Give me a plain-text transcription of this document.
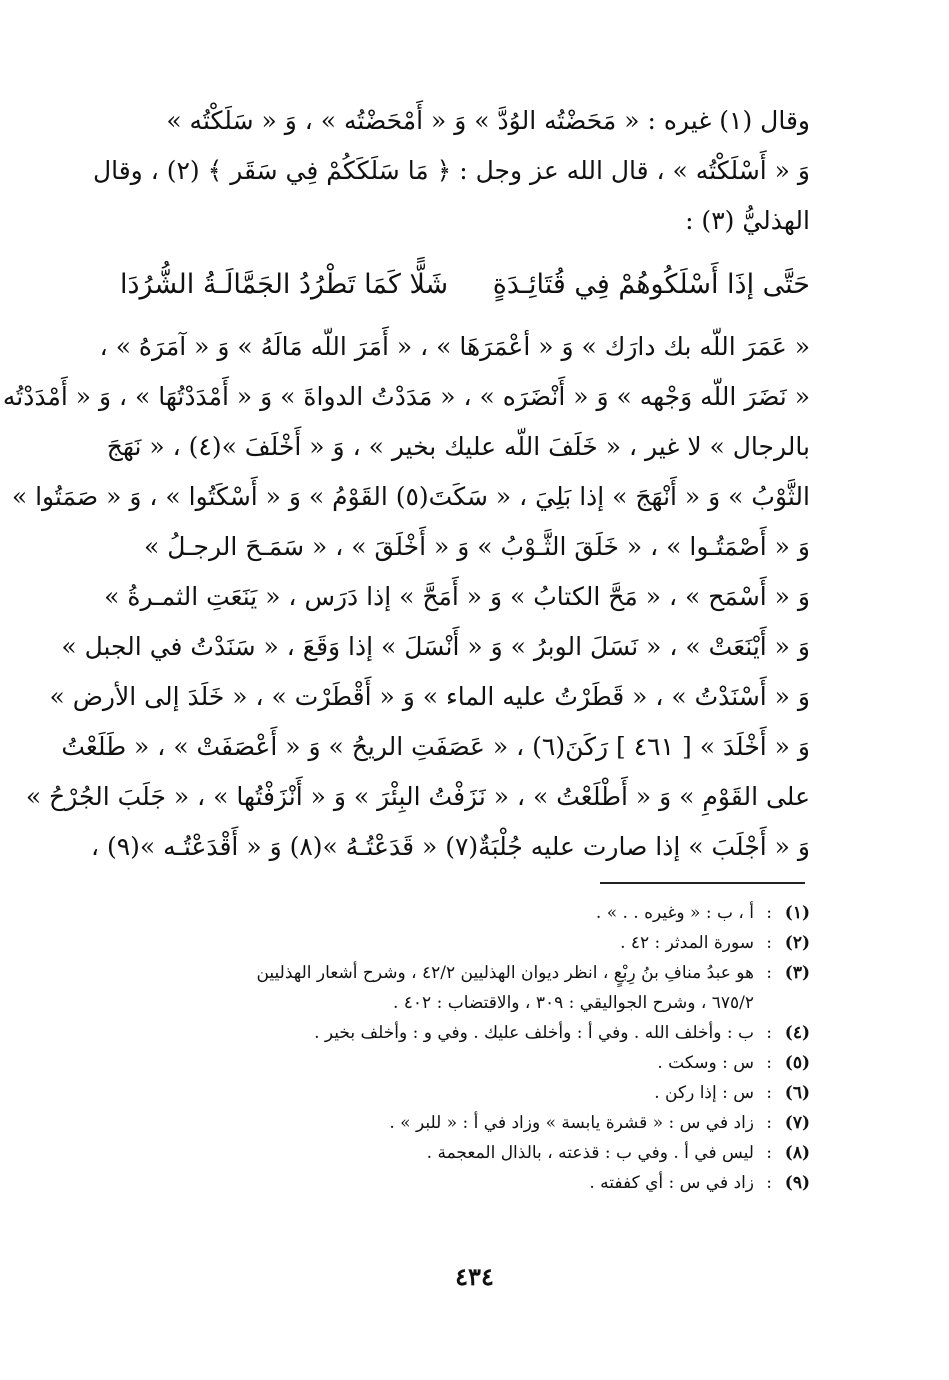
وقال (١) غيره : « مَحَضْتُه الوُدَّ » وَ « أَمْحَضْتُه » ، وَ « سَلَكْتُه »
وَ « أَسْلَكْتُه » ، قال الله عز وجل : ﴿ مَا سَلَكَكُمْ فِي سَقَر ﴾ (٢) ، وقال
الهذليُّ (٣) :
حَتَّى إذَا أَسْلَكُوهُمْ فِي قُتَائِـدَةٍ
شَلًّا كَمَا تَطْرُدُ الجَمَّالَـةُ الشُّرُدَا
« عَمَرَ اللّه بك دارَك » وَ « أعْمَرَهَا » ، « أَمَرَ اللّه مَالَهُ » وَ « آمَرَهُ » ،
« نَضَرَ اللّه وَجْهه » وَ « أَنْضَرَه » ، « مَدَدْتُ الدواةَ » وَ « أَمْدَدْتُهَا » ، وَ « أَمْدَدْتُه
بالرجال » لا غير ، « خَلَفَ اللّه عليك بخير » ، وَ « أَخْلَفَ »(٤) ، « نَهَجَ
الثَّوْبُ » وَ « أَنْهَجَ » إذا بَلِيَ ، « سَكَتَ(٥) القَوْمُ » وَ « أَسْكَتُوا » ، وَ « صَمَتُوا »
وَ « أَصْمَتُـوا » ، « خَلَقَ الثَّـوْبُ » وَ « أَخْلَقَ » ، « سَمَـحَ الرجـلُ »
وَ « أَسْمَح » ، « مَحَّ الكتابُ » وَ « أَمَحَّ » إذا دَرَس ، « يَنَعَتِ الثمـرةُ »
وَ « أَيْنَعَتْ » ، « نَسَلَ الوبرُ » وَ « أَنْسَلَ » إذا وَقَعَ ، « سَنَدْتُ في الجبل »
وَ « أَسْنَدْتُ » ، « قَطَرْتُ عليه الماء » وَ « أَقْطَرْت » ، « خَلَدَ إلى الأرض »
وَ « أَخْلَدَ » [ ٤٦١ ] رَكَنَ(٦) ، « عَصَفَتِ الريحُ » وَ « أَعْصَفَتْ » ، « طَلَعْتُ
على القَوْمِ » وَ « أَطْلَعْتُ » ، « نَزَفْتُ البِئْرَ » وَ « أَنْزَفْتُها » ، « جَلَبَ الجُرْحُ »
وَ « أَجْلَبَ » إذا صارت عليه جُلْبَةٌ(٧) « قَدَعْتُـهُ »(٨) وَ « أَقْدَعْتُـه »(٩) ،
(١)
:
أ ، ب : « وغيره . . » .
(٢)
:
سورة المدثر : ٤٢ .
(٣)
:
هو عبدُ منافِ بنُ رِبْعٍ ، انظر ديوان الهذليين ٤٢/٢ ، وشرح أشعار الهذليين
٦٧٥/٢ ، وشرح الجواليقي : ٣٠٩ ، والاقتضاب : ٤٠٢ .
(٤)
:
ب : وأخلف الله . وفي أ : وأخلف عليك . وفي و : وأخلف بخير .
(٥)
:
س : وسكت .
(٦)
:
س : إذا ركن .
(٧)
:
زاد في س : « قشرة يابسة » وزاد في أ : « للبر » .
(٨)
:
ليس في أ . وفي ب : قذعته ، بالذال المعجمة .
(٩)
:
زاد في س : أي كففته .
٤٣٤
